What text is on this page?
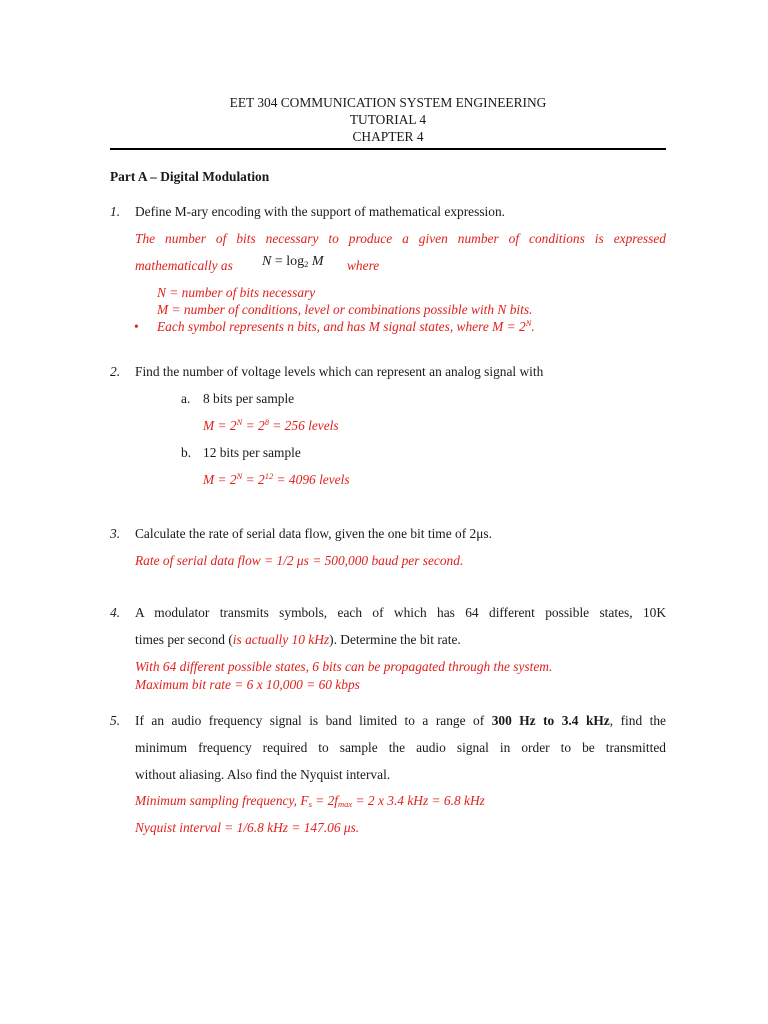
EET 304 COMMUNICATION SYSTEM ENGINEERING
TUTORIAL 4
CHAPTER 4
Part A – Digital Modulation
1. Define M-ary encoding with the support of mathematical expression.
The number of bits necessary to produce a given number of conditions is expressed
mathematically as $N = \log_2 M$ where
N = number of bits necessary
M = number of conditions, level or combinations possible with N bits.
• Each symbol represents n bits, and has M signal states, where $M = 2^N$.
2. Find the number of voltage levels which can represent an analog signal with
a. 8 bits per sample
$M = 2^N = 2^8 = 256$ levels
b. 12 bits per sample
$M = 2^N = 2^{12} = 4096$ levels
3. Calculate the rate of serial data flow, given the one bit time of 2μs.
Rate of serial data flow = 1/2 μs = 500,000 baud per second.
4. A modulator transmits symbols, each of which has 64 different possible states, 10K
times per second (is actually 10 kHz). Determine the bit rate.
With 64 different possible states, 6 bits can be propagated through the system.
Maximum bit rate = 6 x 10,000 = 60 kbps
5. If an audio frequency signal is band limited to a range of 300 Hz to 3.4 kHz, find the
minimum frequency required to sample the audio signal in order to be transmitted
without aliasing. Also find the Nyquist interval.
Minimum sampling frequency, $F_s = 2f_{max} = 2$ x 3.4 kHz = 6.8 kHz
Nyquist interval = 1/6.8 kHz = 147.06 μs.
